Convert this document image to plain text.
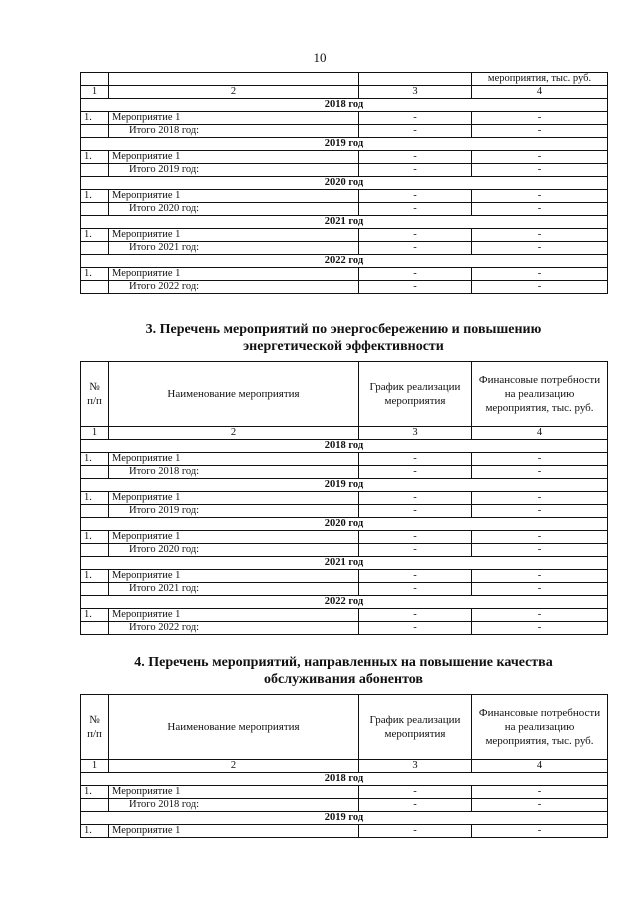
10
			мероприятия, тыс. руб.
1	2	3	4
2018 год			
1.	Мероприятие 1	-	-
	Итого 2018 год:	-	-
2019 год			
1.	Мероприятие 1	-	-
	Итого 2019 год:	-	-
2020 год			
1.	Мероприятие 1	-	-
	Итого 2020 год:	-	-
2021 год			
1.	Мероприятие 1	-	-
	Итого 2021 год:	-	-
2022 год			
1.	Мероприятие 1	-	-
	Итого 2022 год:	-	-
3. Перечень мероприятий по энергосбережению и повышению
энергетической эффективности
№ п/п	Наименование мероприятия	График реализации мероприятия	Финансовые потребности на реализацию мероприятия, тыс. руб.
1	2	3	4
2018 год			
1.	Мероприятие 1	-	-
	Итого 2018 год:	-	-
2019 год			
1.	Мероприятие 1	-	-
	Итого 2019 год:	-	-
2020 год			
1.	Мероприятие 1	-	-
	Итого 2020 год:	-	-
2021 год			
1.	Мероприятие 1	-	-
	Итого 2021 год:	-	-
2022 год			
1.	Мероприятие 1	-	-
	Итого 2022 год:	-	-
4. Перечень мероприятий, направленных на повышение качества
обслуживания абонентов
№ п/п	Наименование мероприятия	График реализации мероприятия	Финансовые потребности на реализацию мероприятия, тыс. руб.
1	2	3	4
2018 год			
1.	Мероприятие 1	-	-
	Итого 2018 год:	-	-
2019 год			
1.	Мероприятие 1	-	-
